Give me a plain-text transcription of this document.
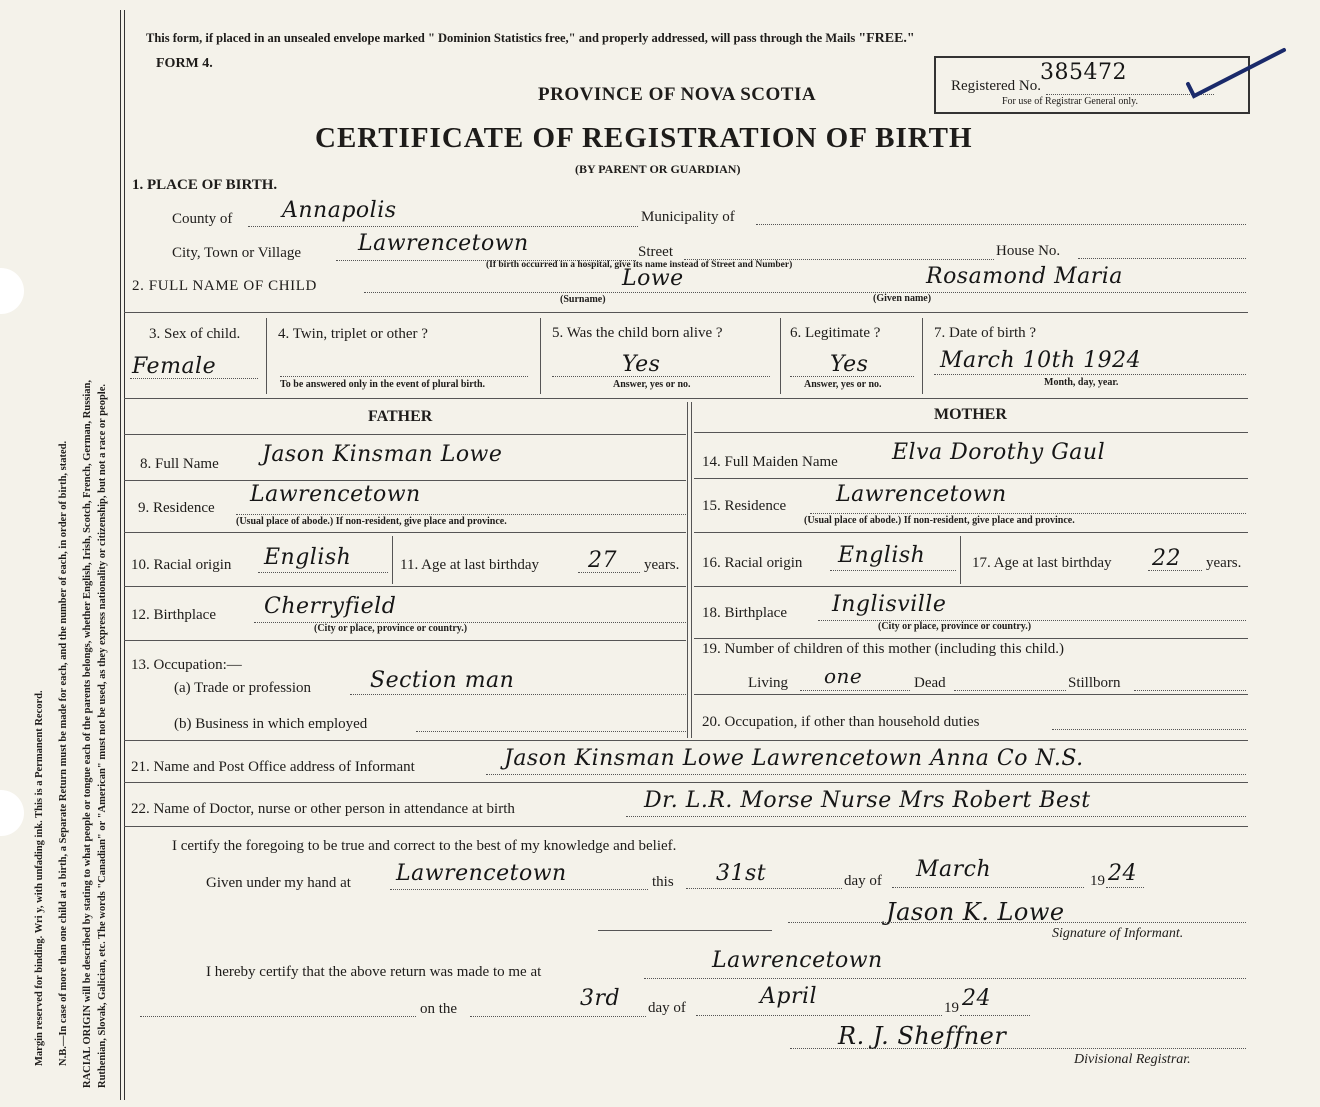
Margin reserved for binding. Wri y, with unfading ink. This is a Permanent Record. N.B.—In case of more than one child at a birth, a Separate Return must be made for each, and the number of each, in order of birth, stated. RACIAL ORIGIN will be described by stating to what people or tongue each of the parents belongs, whether English, Irish, Scotch, French, German, Russian, Ruthenian, Slovak, Galician, etc. The words "Canadian" or "American" must not be used, as they express nationality or citizenship, but not a race or people.
This form, if placed in an unsealed envelope marked " Dominion Statistics free," and properly addressed, will pass through the Mails "FREE."
FORM 4.
Registered No.
385472
For use of Registrar General only.
PROVINCE OF NOVA SCOTIA
CERTIFICATE OF REGISTRATION OF BIRTH
(BY PARENT OR GUARDIAN)
1. PLACE OF BIRTH.
County of Annapolis	Municipality of
City, Town or Village	Lawrencetown	Street	House No.
(If birth occurred in a hospital, give its name instead of Street and Number)
2. FULL NAME OF CHILD	Lowe
(Surname)
Rosamond Maria
(Given name)
3. Sex of child.
Female
4. Twin, triplet or other ?
To be answered only in the event of plural birth.
5. Was the child born alive ?
Yes
Answer, yes or no.
6. Legitimate ?
Yes
Answer, yes or no.
7. Date of birth ?
March 10th 1924
Month, day, year.
FATHER	MOTHER
8. Full Name Jason Kinsman Lowe
9. Residence
Lawrencetown
(Usual place of abode.) If non-resident, give place and province.
10. Racial origin English	11. Age at last birthday 27 years.
12. Birthplace Cherryfield
(City or place, province or country.)
13. Occupation:—
(a) Trade or profession	Section man
(b) Business in which employed
14. Full Maiden Name Elva Dorothy Gaul
15. Residence Lawrencetown
(Usual place of abode.) If non-resident, give place and province.
16. Racial origin English	17. Age at last birthday 22 years.
18. Birthplace Inglisville
(City or place, province or country.)
19. Number of children of this mother (including this child.)
Living one	Dead	Stillborn
20. Occupation, if other than household duties
21. Name and Post Office address of Informant	Jason Kinsman Lowe Lawrencetown Anna Co N.S.
22. Name of Doctor, nurse or other person in attendance at birth	Dr. L.R. Morse Nurse Mrs Robert Best
I certify the foregoing to be true and correct to the best of my knowledge and belief.
Given under my hand at Lawrencetown	this 31st	day of March	19 24
Jason K. Lowe
Signature of Informant.
I hereby certify that the above return was made to me at	Lawrencetown
on the	3rd day of	April	19 24
R. J. Sheffner
Divisional Registrar.
